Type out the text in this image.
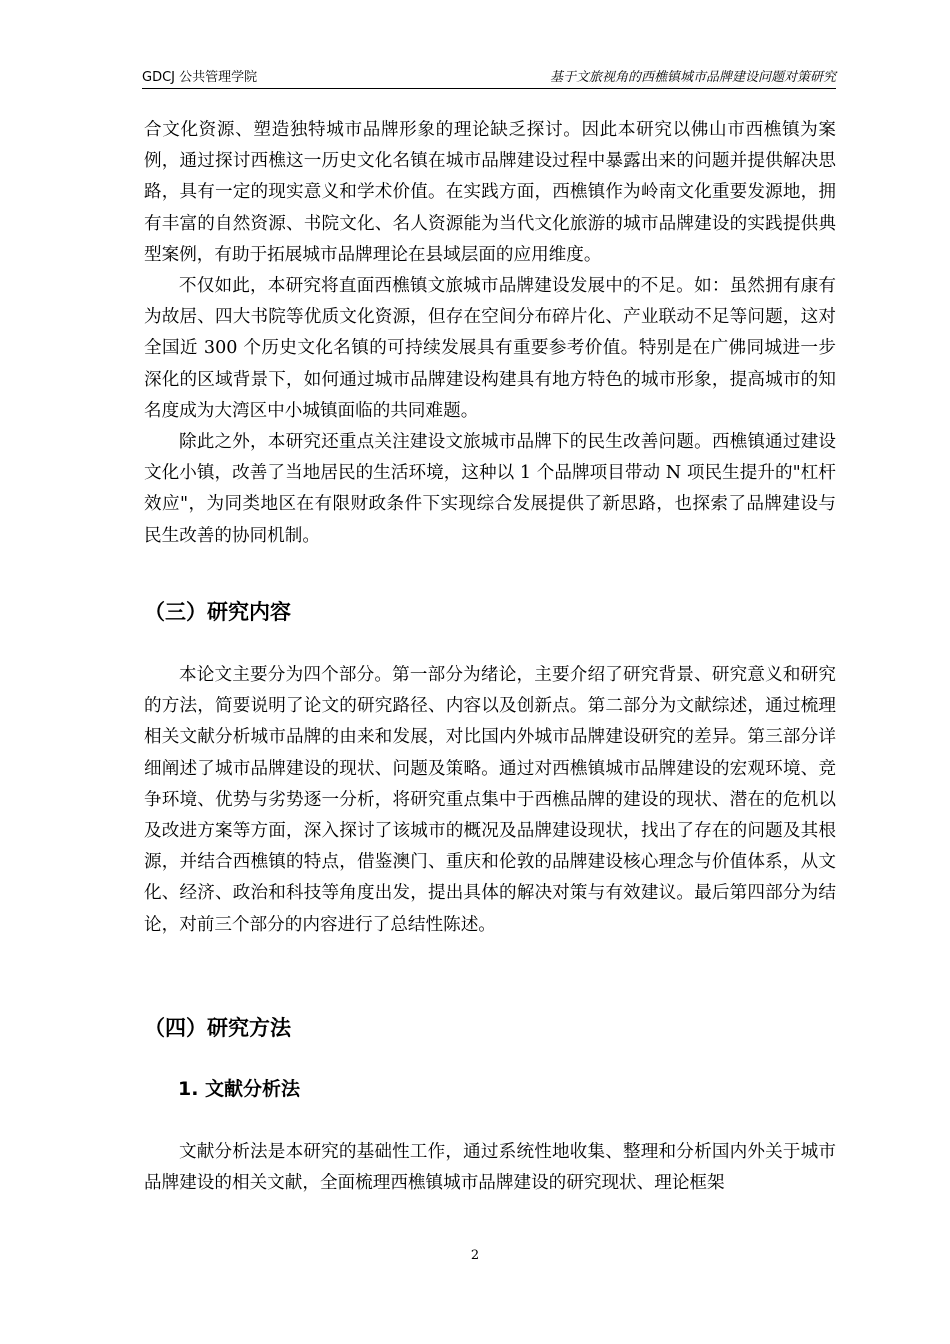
GDCJ 公共管理学院	基于文旅视角的西樵镇城市品牌建设问题对策研究

合文化资源、塑造独特城市品牌形象的理论缺乏探讨。因此本研究以佛山市西樵镇为案例，通过探讨西樵这一历史文化名镇在城市品牌建设过程中暴露出来的问题并提供解决思路，具有一定的现实意义和学术价值。在实践方面，西樵镇作为岭南文化重要发源地，拥有丰富的自然资源、书院文化、名人资源能为当代文化旅游的城市品牌建设的实践提供典型案例，有助于拓展城市品牌理论在县域层面的应用维度。

不仅如此，本研究将直面西樵镇文旅城市品牌建设发展中的不足。如：虽然拥有康有为故居、四大书院等优质文化资源，但存在空间分布碎片化、产业联动不足等问题，这对全国近 300 个历史文化名镇的可持续发展具有重要参考价值。特别是在广佛同城进一步深化的区域背景下，如何通过城市品牌建设构建具有地方特色的城市形象，提高城市的知名度成为大湾区中小城镇面临的共同难题。

除此之外，本研究还重点关注建设文旅城市品牌下的民生改善问题。西樵镇通过建设文化小镇，改善了当地居民的生活环境，这种以 1 个品牌项目带动 N 项民生提升的"杠杆效应"，为同类地区在有限财政条件下实现综合发展提供了新思路，也探索了品牌建设与民生改善的协同机制。

（三）研究内容

本论文主要分为四个部分。第一部分为绪论，主要介绍了研究背景、研究意义和研究的方法，简要说明了论文的研究路径、内容以及创新点。第二部分为文献综述，通过梳理相关文献分析城市品牌的由来和发展，对比国内外城市品牌建设研究的差异。第三部分详细阐述了城市品牌建设的现状、问题及策略。通过对西樵镇城市品牌建设的宏观环境、竞争环境、优势与劣势逐一分析，将研究重点集中于西樵品牌的建设的现状、潜在的危机以及改进方案等方面，深入探讨了该城市的概况及品牌建设现状，找出了存在的问题及其根源，并结合西樵镇的特点，借鉴澳门、重庆和伦敦的品牌建设核心理念与价值体系，从文化、经济、政治和科技等角度出发，提出具体的解决对策与有效建议。最后第四部分为结论，对前三个部分的内容进行了总结性陈述。

（四）研究方法
1. 文献分析法

文献分析法是本研究的基础性工作，通过系统性地收集、整理和分析国内外关于城市品牌建设的相关文献，全面梳理西樵镇城市品牌建设的研究现状、理论框架

2
